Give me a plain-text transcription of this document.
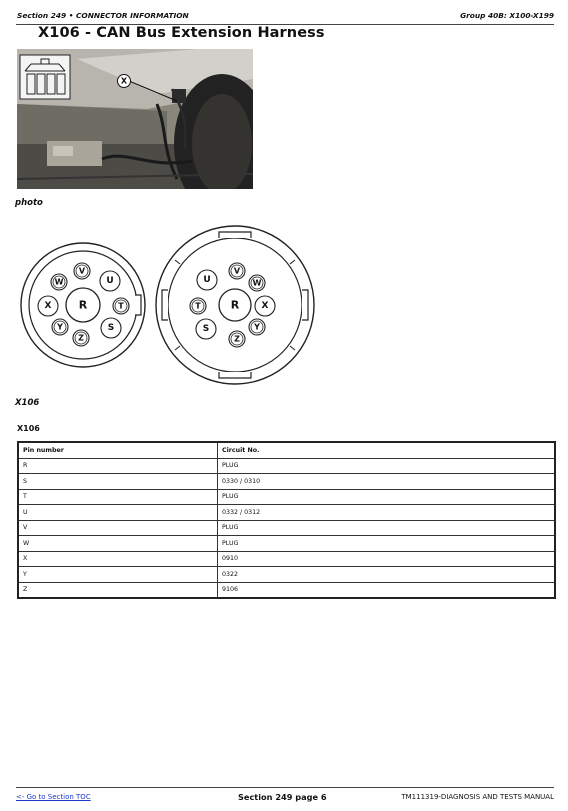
Section 249 • CONNECTOR INFORMATION	Group 40B: X100-X199
X106 - CAN Bus Extension Harness
X
photo
R
V
U
W
T
X
Y	S
Z
R
V
U	W
T	X
S	Y
Z
X106
X106
Pin number	Circuit No.
R	PLUG
S	0330 / 0310
T	PLUG
U	0332 / 0312
V	PLUG
W	PLUG
X	0910
Y	0322
Z	9106
<- Go to Section TOC	Section 249 page 6	TM111319-DIAGNOSIS AND TESTS MANUAL
